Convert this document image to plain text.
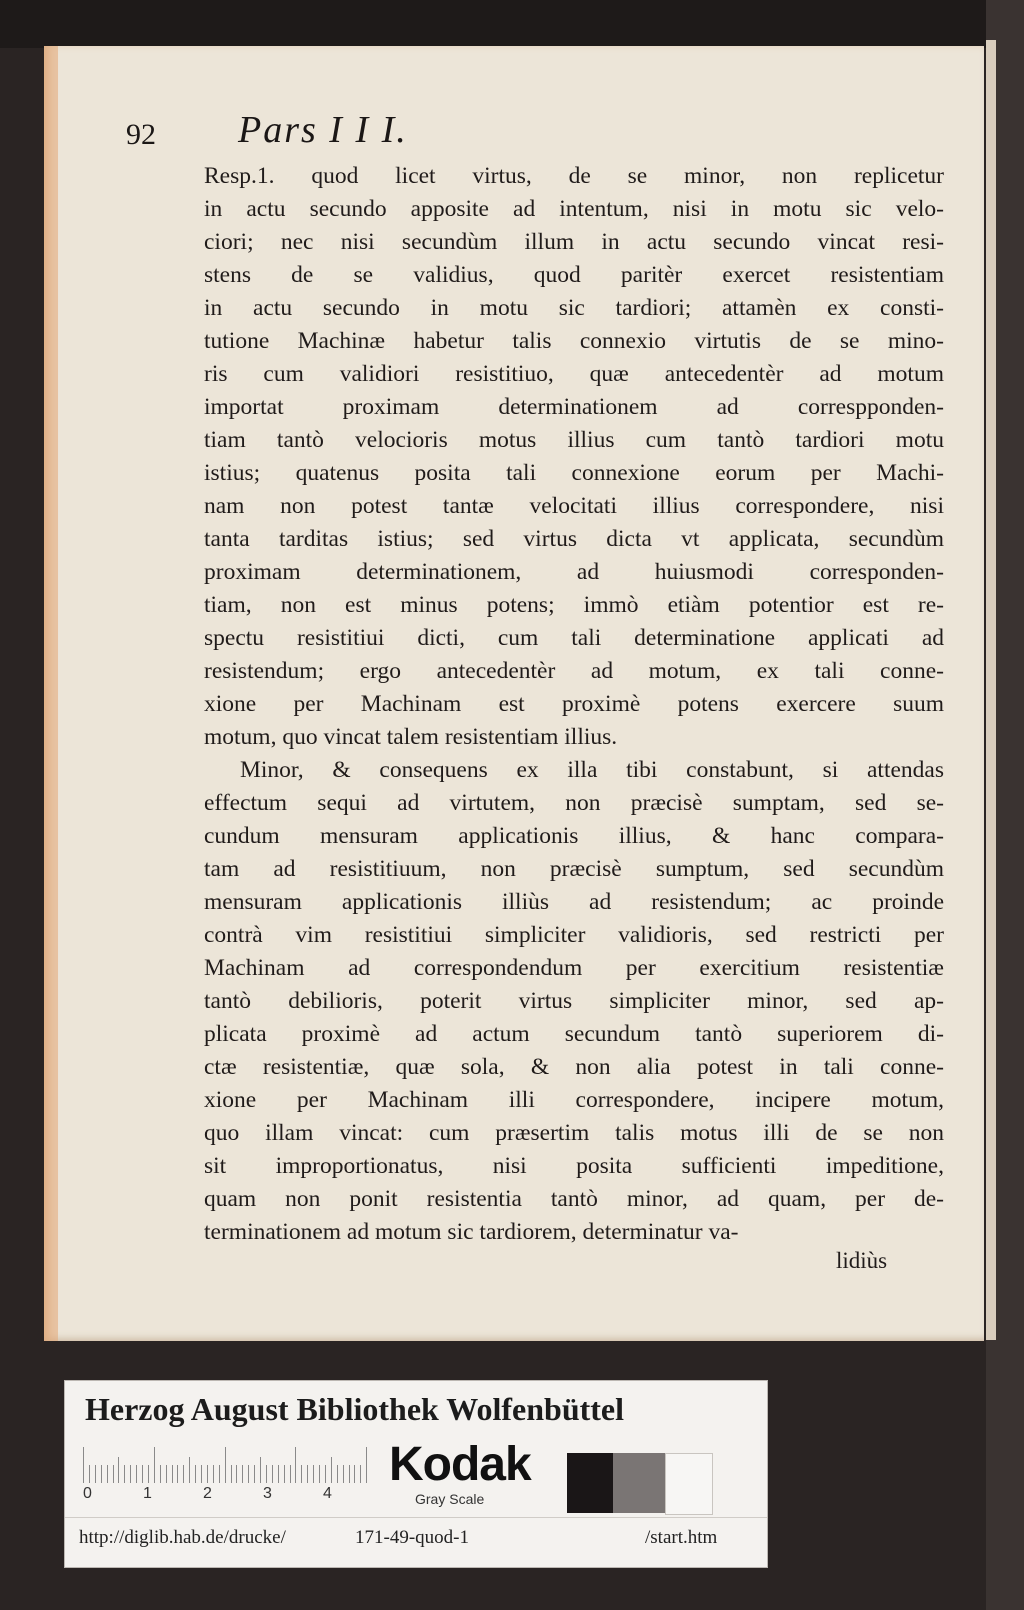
92 Pars I I I.
Resp.1. quod licet virtus, de se minor, non replicetur
in actu secundo apposite ad intentum, nisi in motu sic velo-
ciori; nec nisi secundùm illum in actu secundo vincat resi-
stens de se validius, quod paritèr exercet resistentiam
in actu secundo in motu sic tardiori; attamèn ex consti-
tutione Machinæ habetur talis connexio virtutis de se mino-
ris cum validiori resistitiuo, quæ antecedentèr ad motum
importat proximam determinationem ad correspponden-
tiam tantò velocioris motus illius cum tantò tardiori motu
istius; quatenus posita tali connexione eorum per Machi-
nam non potest tantæ velocitati illius correspondere, nisi
tanta tarditas istius; sed virtus dicta vt applicata, secundùm
proximam determinationem, ad huiusmodi corresponden-
tiam, non est minus potens; immò etiàm potentior est re-
spectu resistitiui dicti, cum tali determinatione applicati ad
resistendum; ergo antecedentèr ad motum, ex tali conne-
xione per Machinam est proximè potens exercere suum
motum, quo vincat talem resistentiam illius.
Minor, & consequens ex illa tibi constabunt, si attendas
effectum sequi ad virtutem, non præcisè sumptam, sed se-
cundum mensuram applicationis illius, & hanc compara-
tam ad resistitiuum, non præcisè sumptum, sed secundùm
mensuram applicationis illiùs ad resistendum; ac proinde
contrà vim resistitiui simpliciter validioris, sed restricti per
Machinam ad correspondendum per exercitium resistentiæ
tantò debilioris, poterit virtus simpliciter minor, sed ap-
plicata proximè ad actum secundum tantò superiorem di-
ctæ resistentiæ, quæ sola, & non alia potest in tali conne-
xione per Machinam illi correspondere, incipere motum,
quo illam vincat: cum præsertim talis motus illi de se non
sit improportionatus, nisi posita sufficienti impeditione,
quam non ponit resistentia tantò minor, ad quam, per de-
terminationem ad motum sic tardiorem, determinatur va-
lidiùs
Herzog August Bibliothek Wolfenbüttel
0	1	2	3	4
Kodak
Gray Scale
http://diglib.hab.de/drucke/	171-49-quod-1	/start.htm
